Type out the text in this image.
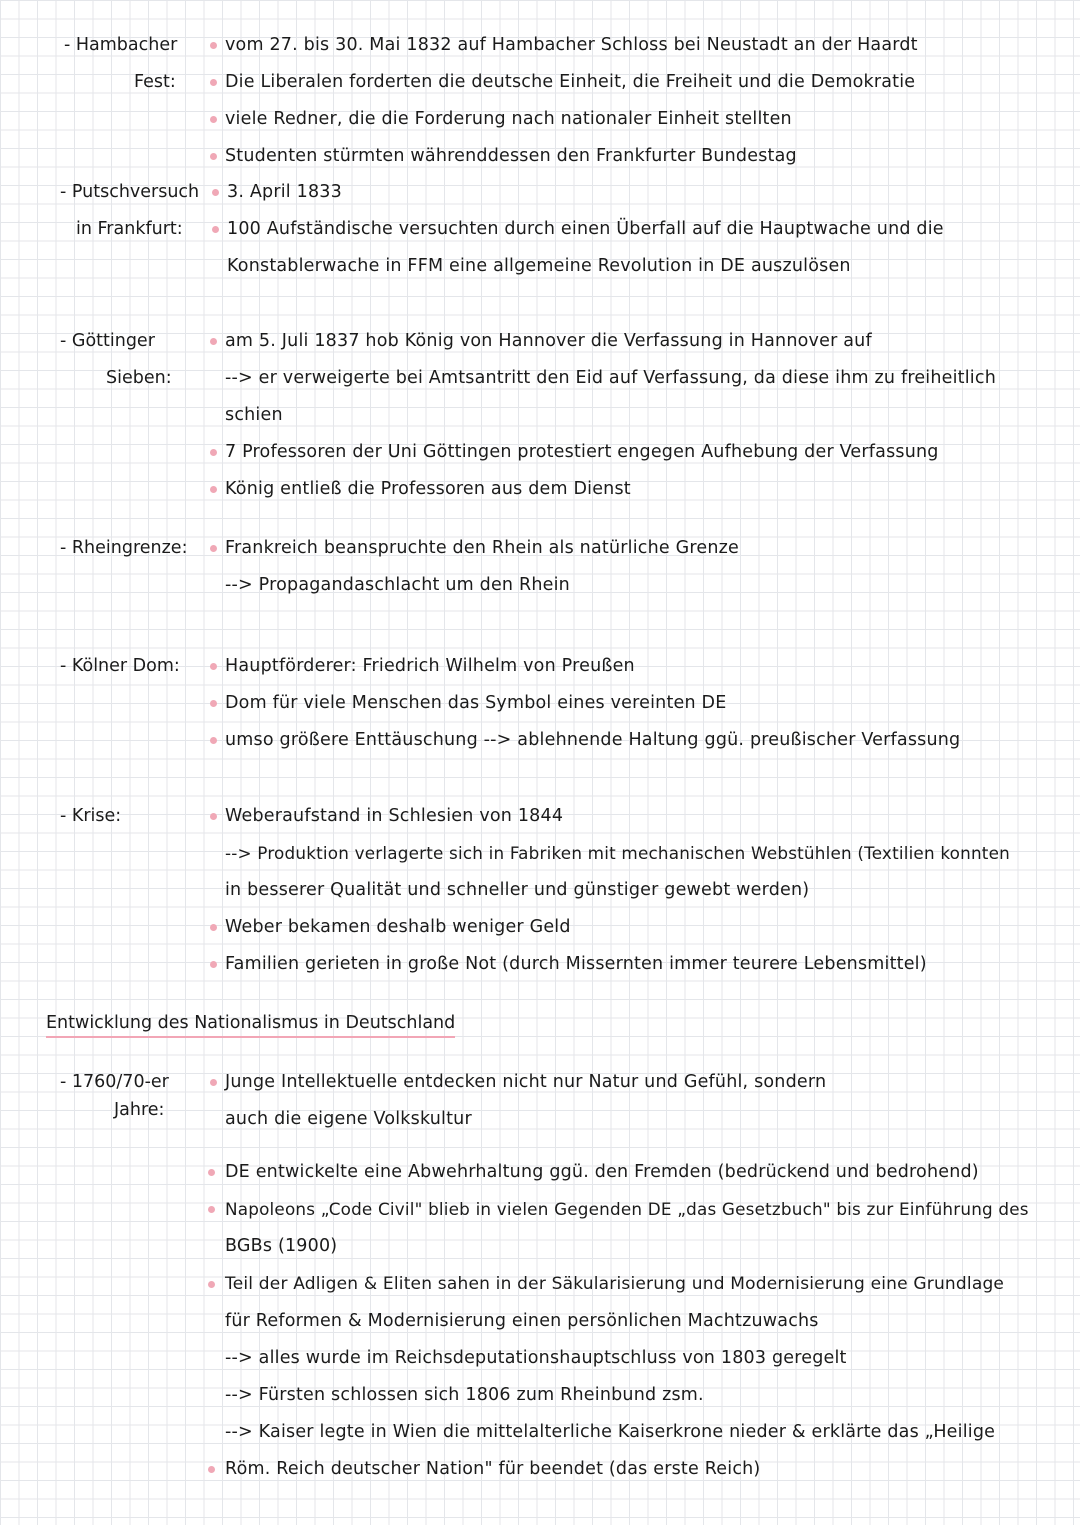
- Hambacher
Fest:
vom 27. bis 30. Mai 1832 auf Hambacher Schloss bei Neustadt an der Haardt
Die Liberalen forderten die deutsche Einheit, die Freiheit und die Demokratie
viele Redner, die die Forderung nach nationaler Einheit stellten
Studenten stürmten währenddessen den Frankfurter Bundestag
- Putschversuch
in Frankfurt:
3. April 1833
100 Aufständische versuchten durch einen Überfall auf die Hauptwache und die
Konstablerwache in FFM eine allgemeine Revolution in DE auszulösen
- Göttinger
Sieben:
am 5. Juli 1837 hob König von Hannover die Verfassung in Hannover auf
--> er verweigerte bei Amtsantritt den Eid auf Verfassung, da diese ihm zu freiheitlich
schien
7 Professoren der Uni Göttingen protestiert engegen Aufhebung der Verfassung
König entließ die Professoren aus dem Dienst
- Rheingrenze: Frankreich beanspruchte den Rhein als natürliche Grenze
--> Propagandaschlacht um den Rhein
- Kölner Dom:	Hauptförderer: Friedrich Wilhelm von Preußen
Dom für viele Menschen das Symbol eines vereinten DE
umso größere Enttäuschung --> ablehnende Haltung ggü. preußischer Verfassung
- Krise:	Weberaufstand in Schlesien von 1844
--> Produktion verlagerte sich in Fabriken mit mechanischen Webstühlen (Textilien konnten
in besserer Qualität und schneller und günstiger gewebt werden)
Weber bekamen deshalb weniger Geld
Familien gerieten in große Not (durch Missernten immer teurere Lebensmittel)
Entwicklung des Nationalismus in Deutschland
- 1760/70-er
Jahre:
Junge Intellektuelle entdecken nicht nur Natur und Gefühl, sondern
auch die eigene Volkskultur
DE entwickelte eine Abwehrhaltung ggü. den Fremden (bedrückend und bedrohend)
Napoleons „Code Civil" blieb in vielen Gegenden DE „das Gesetzbuch" bis zur Einführung des
BGBs (1900)
Teil der Adligen & Eliten sahen in der Säkularisierung und Modernisierung eine Grundlage
für Reformen & Modernisierung einen persönlichen Machtzuwachs
--> alles wurde im Reichsdeputationshauptschluss von 1803 geregelt
--> Fürsten schlossen sich 1806 zum Rheinbund zsm.
--> Kaiser legte in Wien die mittelalterliche Kaiserkrone nieder & erklärte das „Heilige
Röm. Reich deutscher Nation" für beendet (das erste Reich)
